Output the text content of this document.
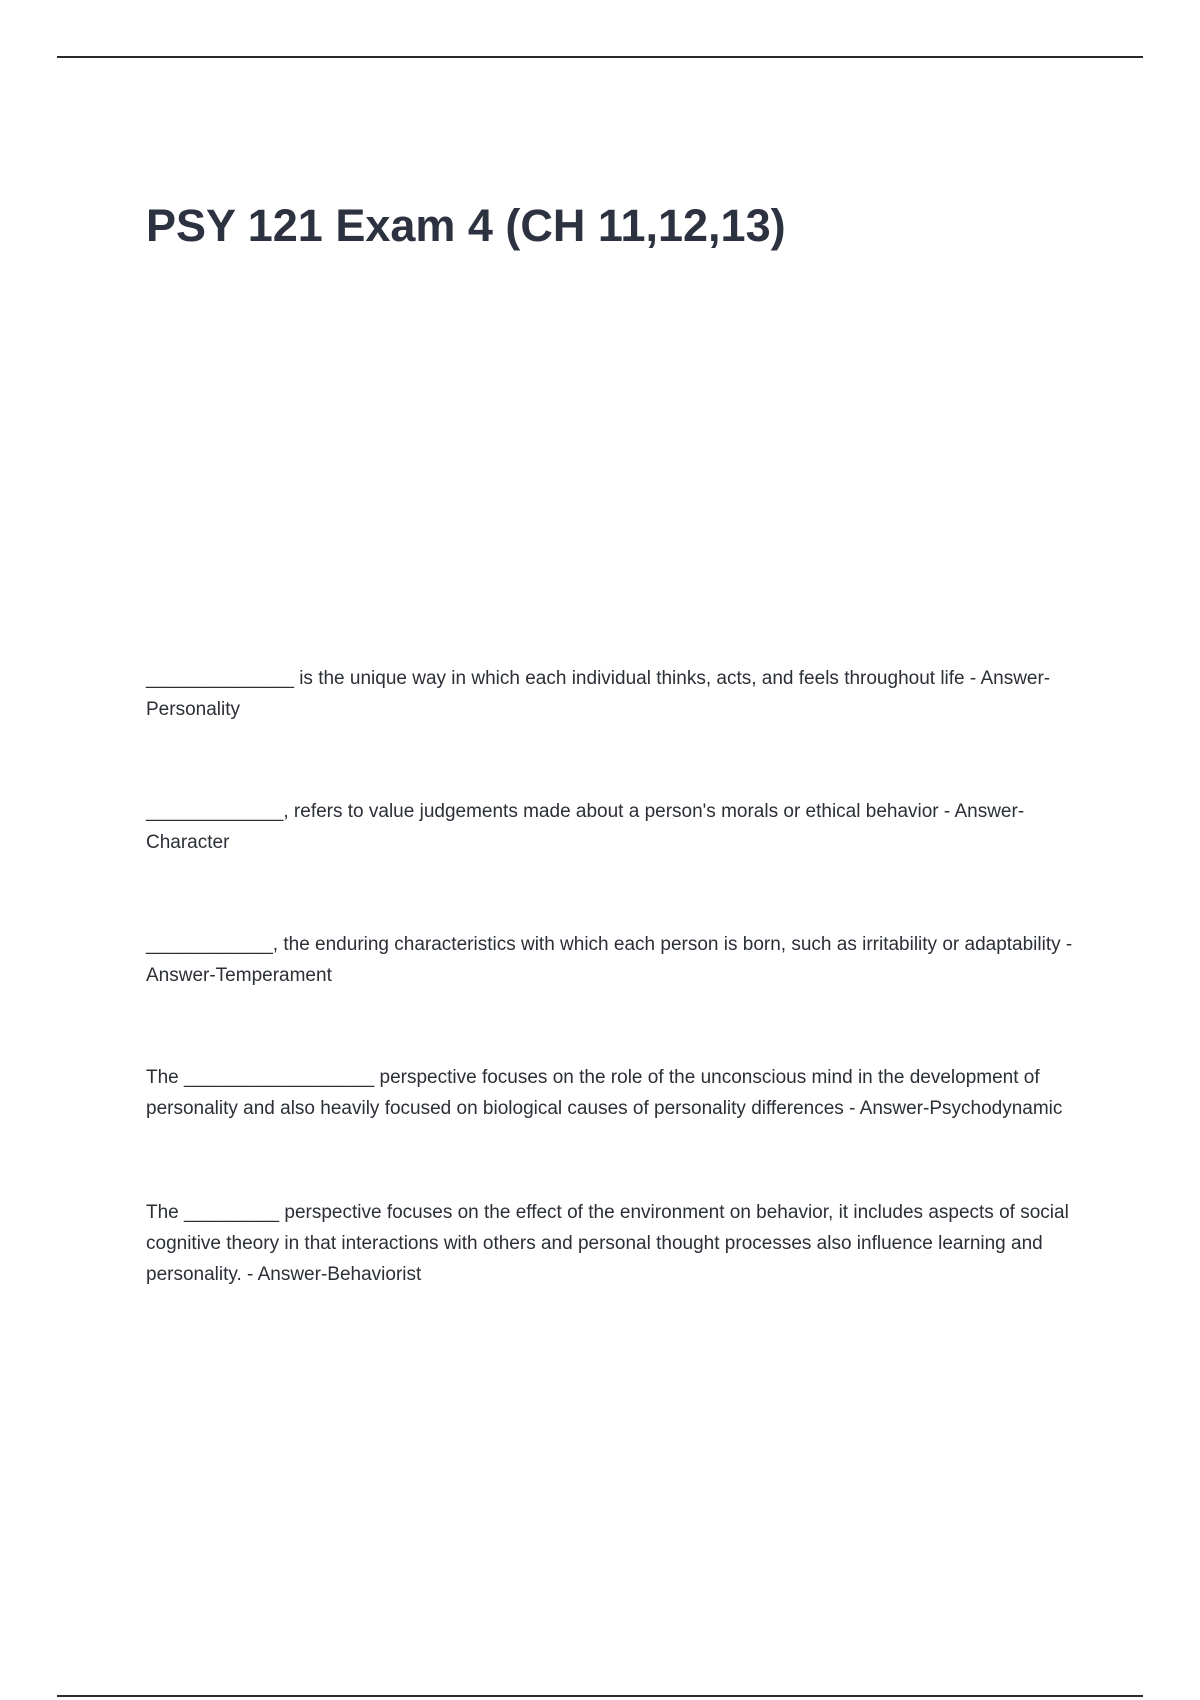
PSY 121 Exam 4 (CH 11,12,13)

______________ is the unique way in which each individual thinks, acts, and feels throughout life - Answer-Personality

_____________, refers to value judgements made about a person's morals or ethical behavior - Answer-Character

____________, the enduring characteristics with which each person is born, such as irritability or adaptability - Answer-Temperament

The __________________ perspective focuses on the role of the unconscious mind in the development of personality and also heavily focused on biological causes of personality differences - Answer-Psychodynamic

The _________ perspective focuses on the effect of the environment on behavior, it includes aspects of social cognitive theory in that interactions with others and personal thought processes also influence learning and personality. - Answer-Behaviorist
